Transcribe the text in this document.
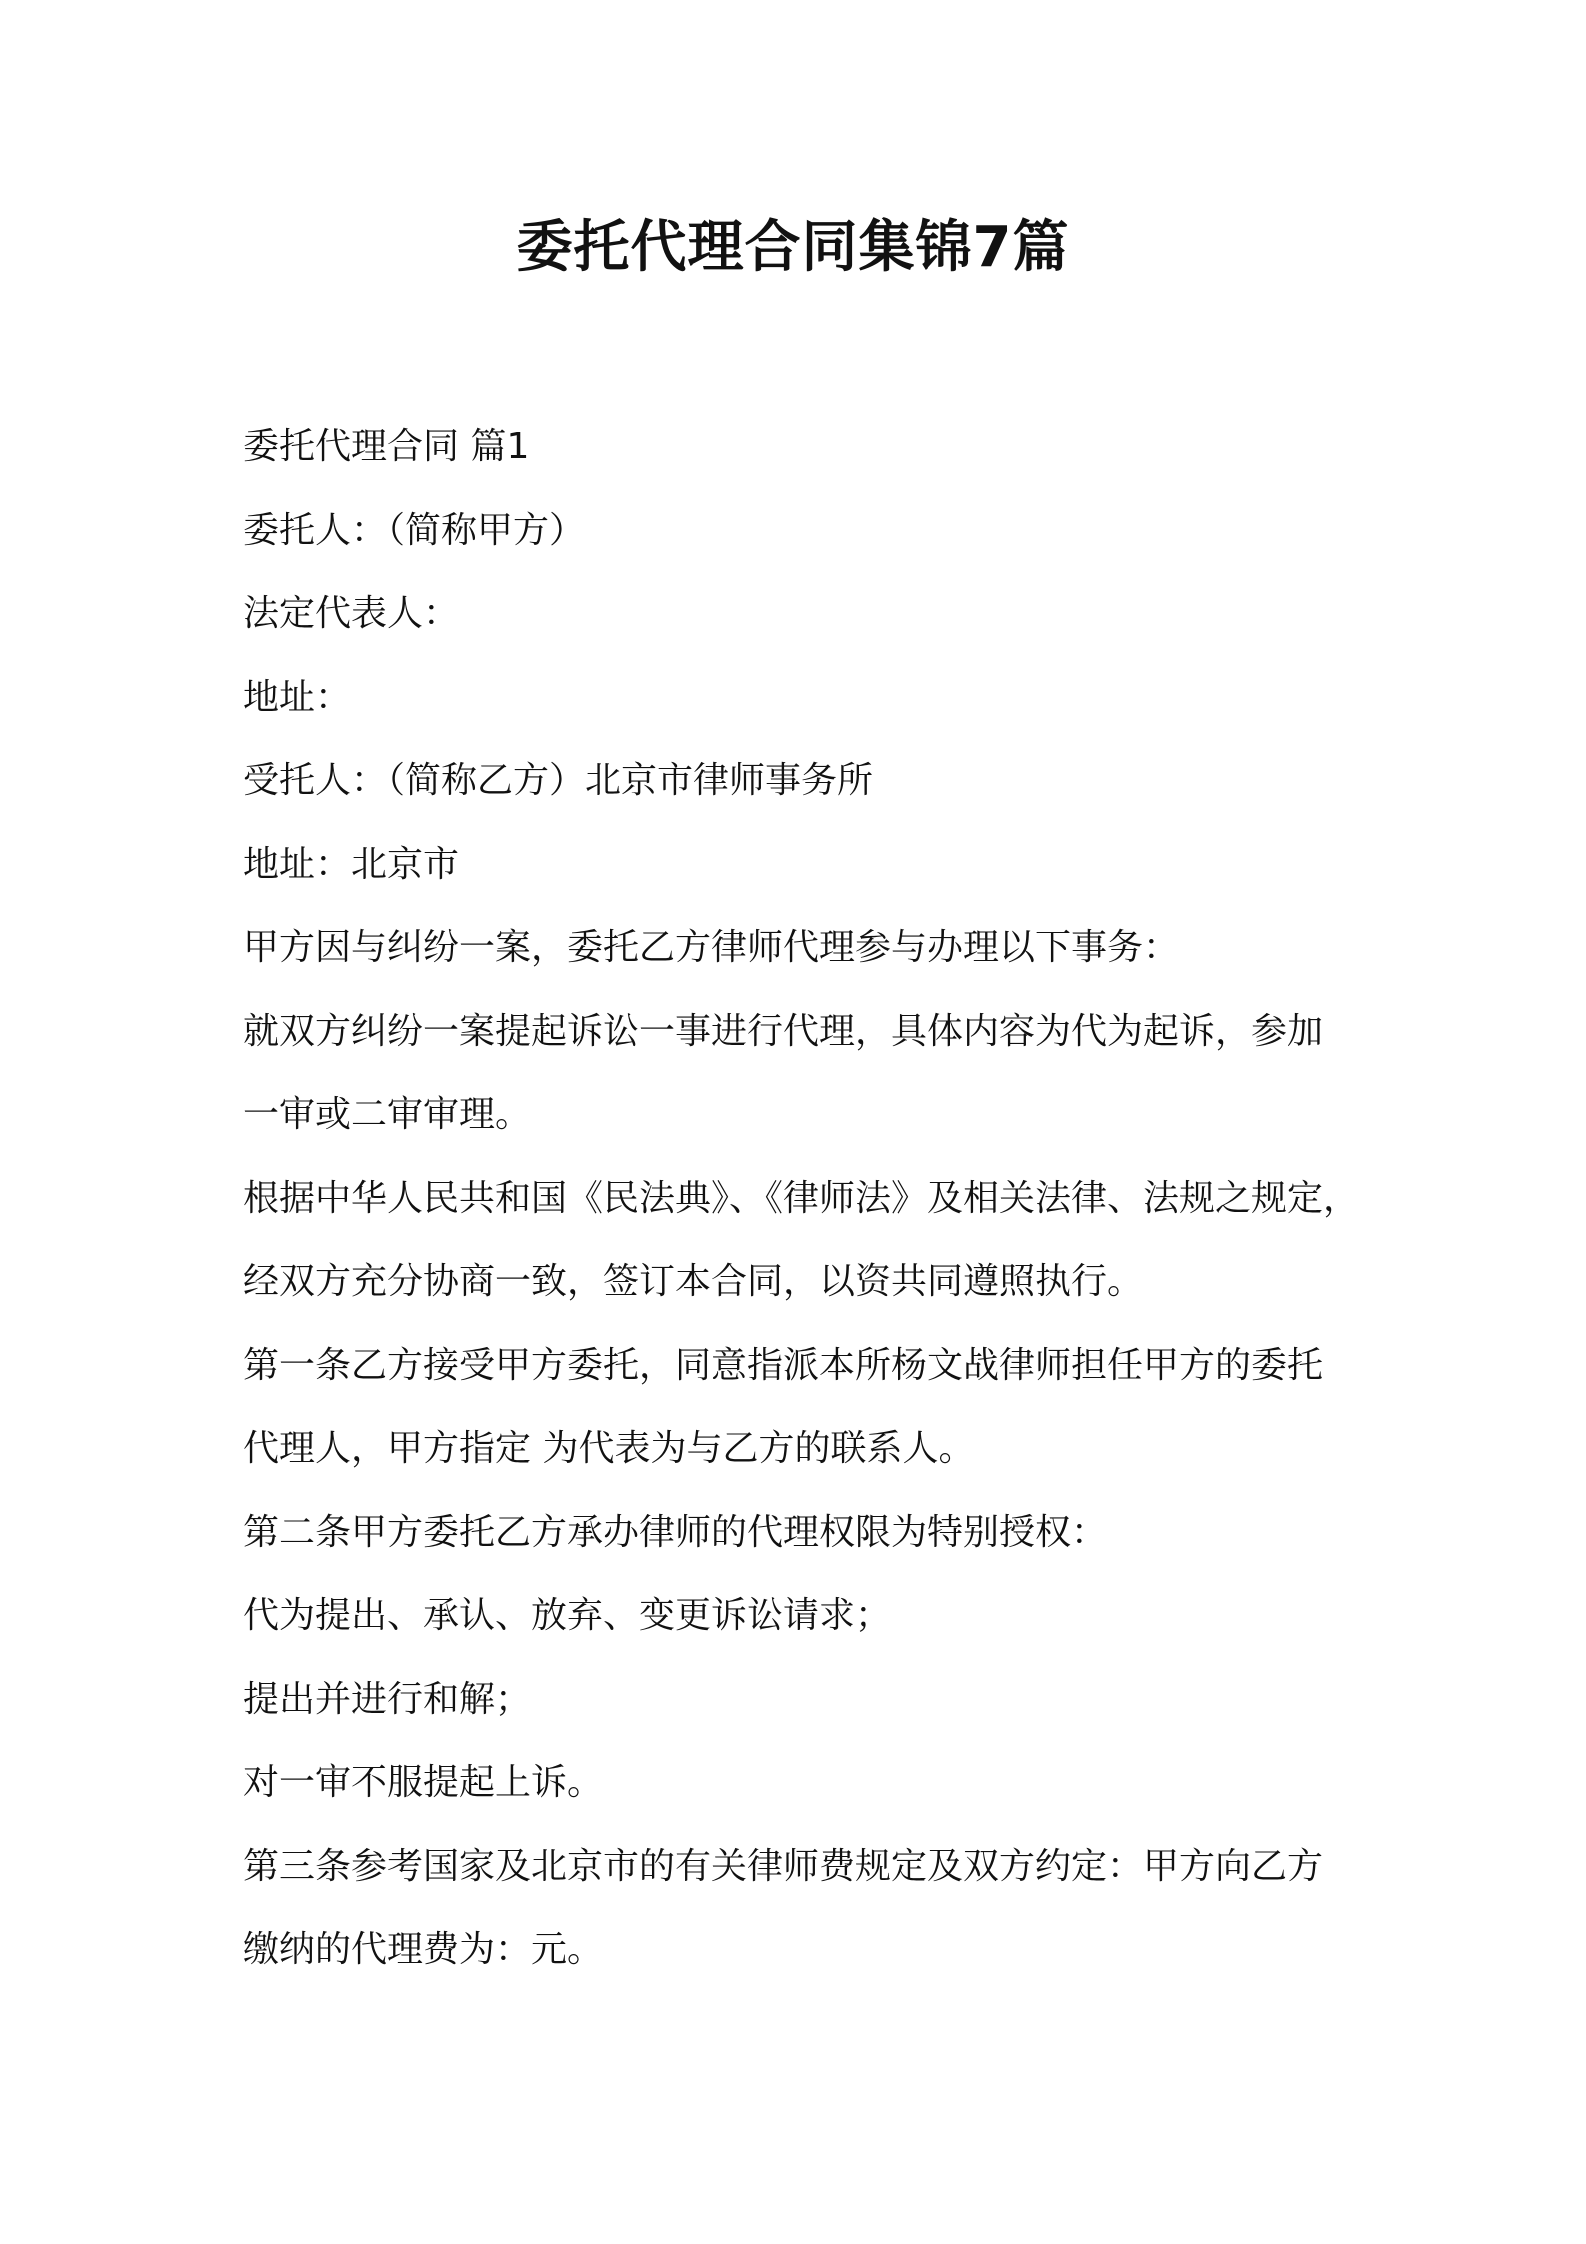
委托代理合同集锦7篇

委托代理合同 篇1

委托人：（简称甲方）

法定代表人：

地址：

受托人：（简称乙方）北京市律师事务所

地址：北京市

甲方因与纠纷一案，委托乙方律师代理参与办理以下事务：

就双方纠纷一案提起诉讼一事进行代理，具体内容为代为起诉，参加

一审或二审审理。

根据中华人民共和国《民法典》、《律师法》及相关法律、法规之规定，

经双方充分协商一致，签订本合同，以资共同遵照执行。

第一条乙方接受甲方委托，同意指派本所杨文战律师担任甲方的委托

代理人，甲方指定 为代表为与乙方的联系人。

第二条甲方委托乙方承办律师的代理权限为特别授权：

代为提出、承认、放弃、变更诉讼请求；

提出并进行和解；

对一审不服提起上诉。

第三条参考国家及北京市的有关律师费规定及双方约定：甲方向乙方

缴纳的代理费为：元。
